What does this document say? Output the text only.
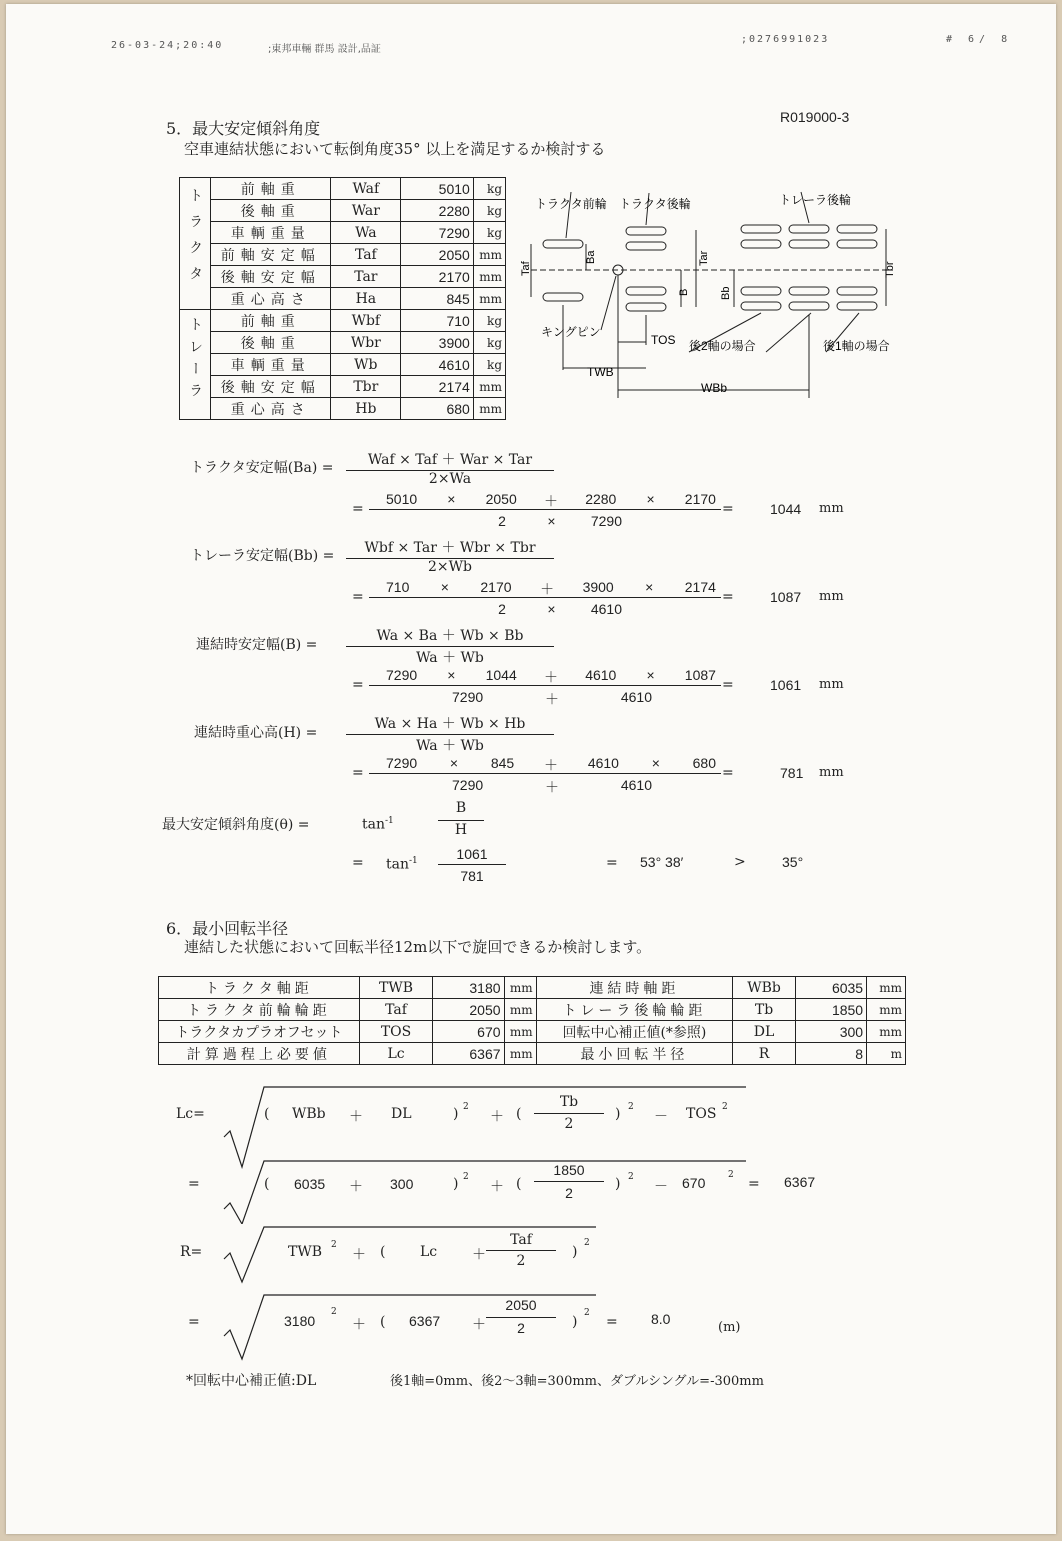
26-03-24;20:40	;東邦車輛 群馬 設計,品証
;0276991023	# 6/ 8
5．最大安定傾斜角度
R019000-3
空車連結状態において転倒角度35° 以上を満足するか検討する
トラクタ	前軸重	Waf	5010	kg
	後軸重	War	2280	kg
	車輌重量	Wa	7290	kg
	前軸安定幅	Taf	2050	mm
	後軸安定幅	Tar	2170	mm
	重心高さ	Ha	845	mm
トレーラ	前軸重	Wbf	710	kg
	後軸重	Wbr	3900	kg
	車輌重量	Wb	4610	kg
	後軸安定幅	Tbr	2174	mm
	重心高さ	Hb	680	mm
トラクタ前輪 トラクタ後輪	トレーラ後輪
キングピン
TOS 後2軸の場合	後1軸の場合
TWB
WBb
Taf
Ba	Tar
B	Bb
Tbr
トラクタ安定幅(Ba) =	Waf × Taf ＋ War × Tar
2×Wa
=
5010	×	2050 ＋ 2280	×	2170
2	×	7290
=	1044 mm
トレーラ安定幅(Bb) =	Wbf × Tar ＋ Wbr × Tbr
2×Wb
=
710	×	2170 ＋ 3900	×	2174
2	×	4610
=	1087 mm
連結時安定幅(B) =
Wa × Ba ＋ Wb × Bb
Wa ＋ Wb
=
7290	×	1044 ＋ 4610	×	1087
7290	＋	4610
=	1061 mm
連結時重心高(H) =
Wa × Ha ＋ Wb × Hb
Wa ＋ Wb
=
7290	×	845 ＋ 4610	×	680
7290	＋	4610
=	781 mm
最大安定傾斜角度(θ) =	$\tan^{-1}$
B
H
= $\tan^{-1}$	1061
781
= 53° 38′	>	35°
6．最小回転半径
連結した状態において回転半径12m以下で旋回できるか検討します。
トラクタ軸距	TWB	3180	mm	連結時軸距	WBb	6035	mm
トラクタ前輪輪距	Taf	2050	mm	トレーラ後輪輪距	Tb	1850	mm
トラクタカプラオフセット	TOS	670	mm	回転中心補正値(*参照)	DL	300	mm
計算過程上必要値	Lc	6367	mm	最小回転半径	R	8	m
Lc=	( WBb ＋ DL	) 2
＋ (
Tb
2
) 2
－ TOS 2
=	( 6035 ＋ 300	) 2
＋ (
1850
2
) 2
－ 670	2
= 6367
R=	TWB 2
＋ ( Lc ＋
Taf
2
)
2
=	3180
2
＋ ( 6367 ＋
2050
2	)
2
= 8.0
(m)
*回転中心補正値:DL	後1軸=0mm、後2～3軸=300mm、ダブルシングル=-300mm
